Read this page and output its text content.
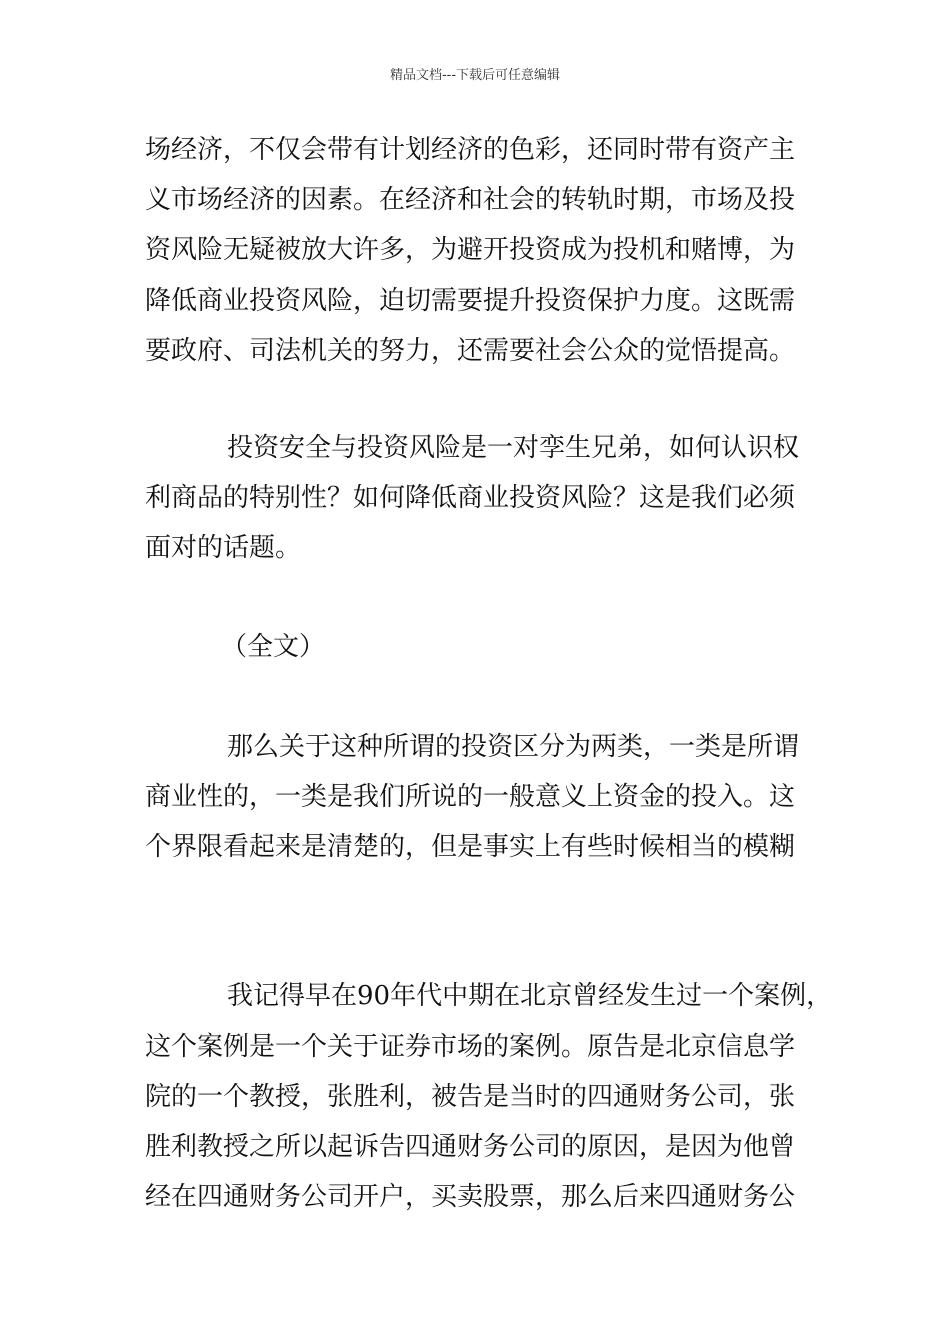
精品文档---下载后可任意编辑
场经济，不仅会带有计划经济的色彩，还同时带有资产主
义市场经济的因素。在经济和社会的转轨时期，市场及投
资风险无疑被放大许多，为避开投资成为投机和赌博，为
降低商业投资风险，迫切需要提升投资保护力度。这既需
要政府、司法机关的努力，还需要社会公众的觉悟提高。
投资安全与投资风险是一对孪生兄弟，如何认识权
利商品的特别性？如何降低商业投资风险？这是我们必须
面对的话题。
（全文）
那么关于这种所谓的投资区分为两类，一类是所谓
商业性的，一类是我们所说的一般意义上资金的投入。这
个界限看起来是清楚的，但是事实上有些时候相当的模糊
我记得早在90年代中期在北京曾经发生过一个案例，
这个案例是一个关于证券市场的案例。原告是北京信息学
院的一个教授，张胜利，被告是当时的四通财务公司，张
胜利教授之所以起诉告四通财务公司的原因，是因为他曾
经在四通财务公司开户，买卖股票，那么后来四通财务公
